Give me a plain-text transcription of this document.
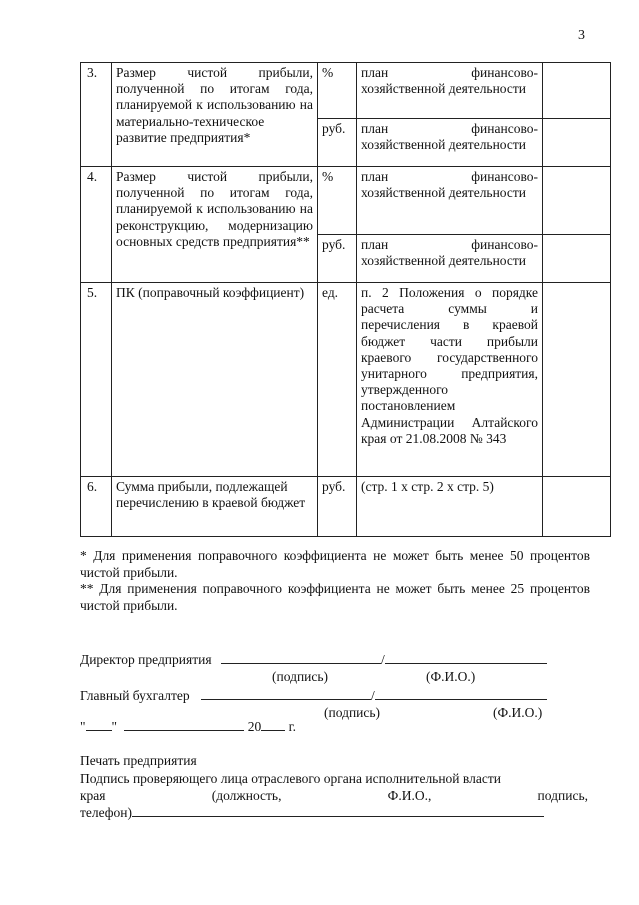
3
3.	Размер чистой прибыли, полученной по итогам года, планируемой к использованию на материально-техническое развитие предприятия*	%	план финансово-хозяйственной деятельности	
		руб.	план финансово-хозяйственной деятельности	
4.	Размер чистой прибыли, полученной по итогам года, планируемой к использованию на реконструкцию, модернизацию основных средств предприятия**	%	план финансово-хозяйственной деятельности	
		руб.	план финансово-хозяйственной деятельности	
5.	ПК (поправочный коэффициент)	ед.	п. 2 Положения о порядке расчета суммы и перечисления в краевой бюджет части прибыли краевого государственного унитарного предприятия, утвержденного постановлением Администрации Алтайского края от 21.08.2008 № 343	
6.	Сумма прибыли, подлежащей перечислению в краевой бюджет	руб.	(стр. 1 х стр. 2 х стр. 5)	

* Для применения поправочного коэффициента не может быть менее 50 процентов чистой прибыли.

** Для применения поправочного коэффициента не может быть менее 25 процентов чистой прибыли.

Директор предприятия	/
(подпись)	(Ф.И.О.)
Главный бухгалтер	/
(подпись)	(Ф.И.О.)
" "	20 г.
Печать предприятия
Подпись проверяющего лица отраслевого органа исполнительной власти
края	(должность,	Ф.И.О.,	подпись,
телефон)
